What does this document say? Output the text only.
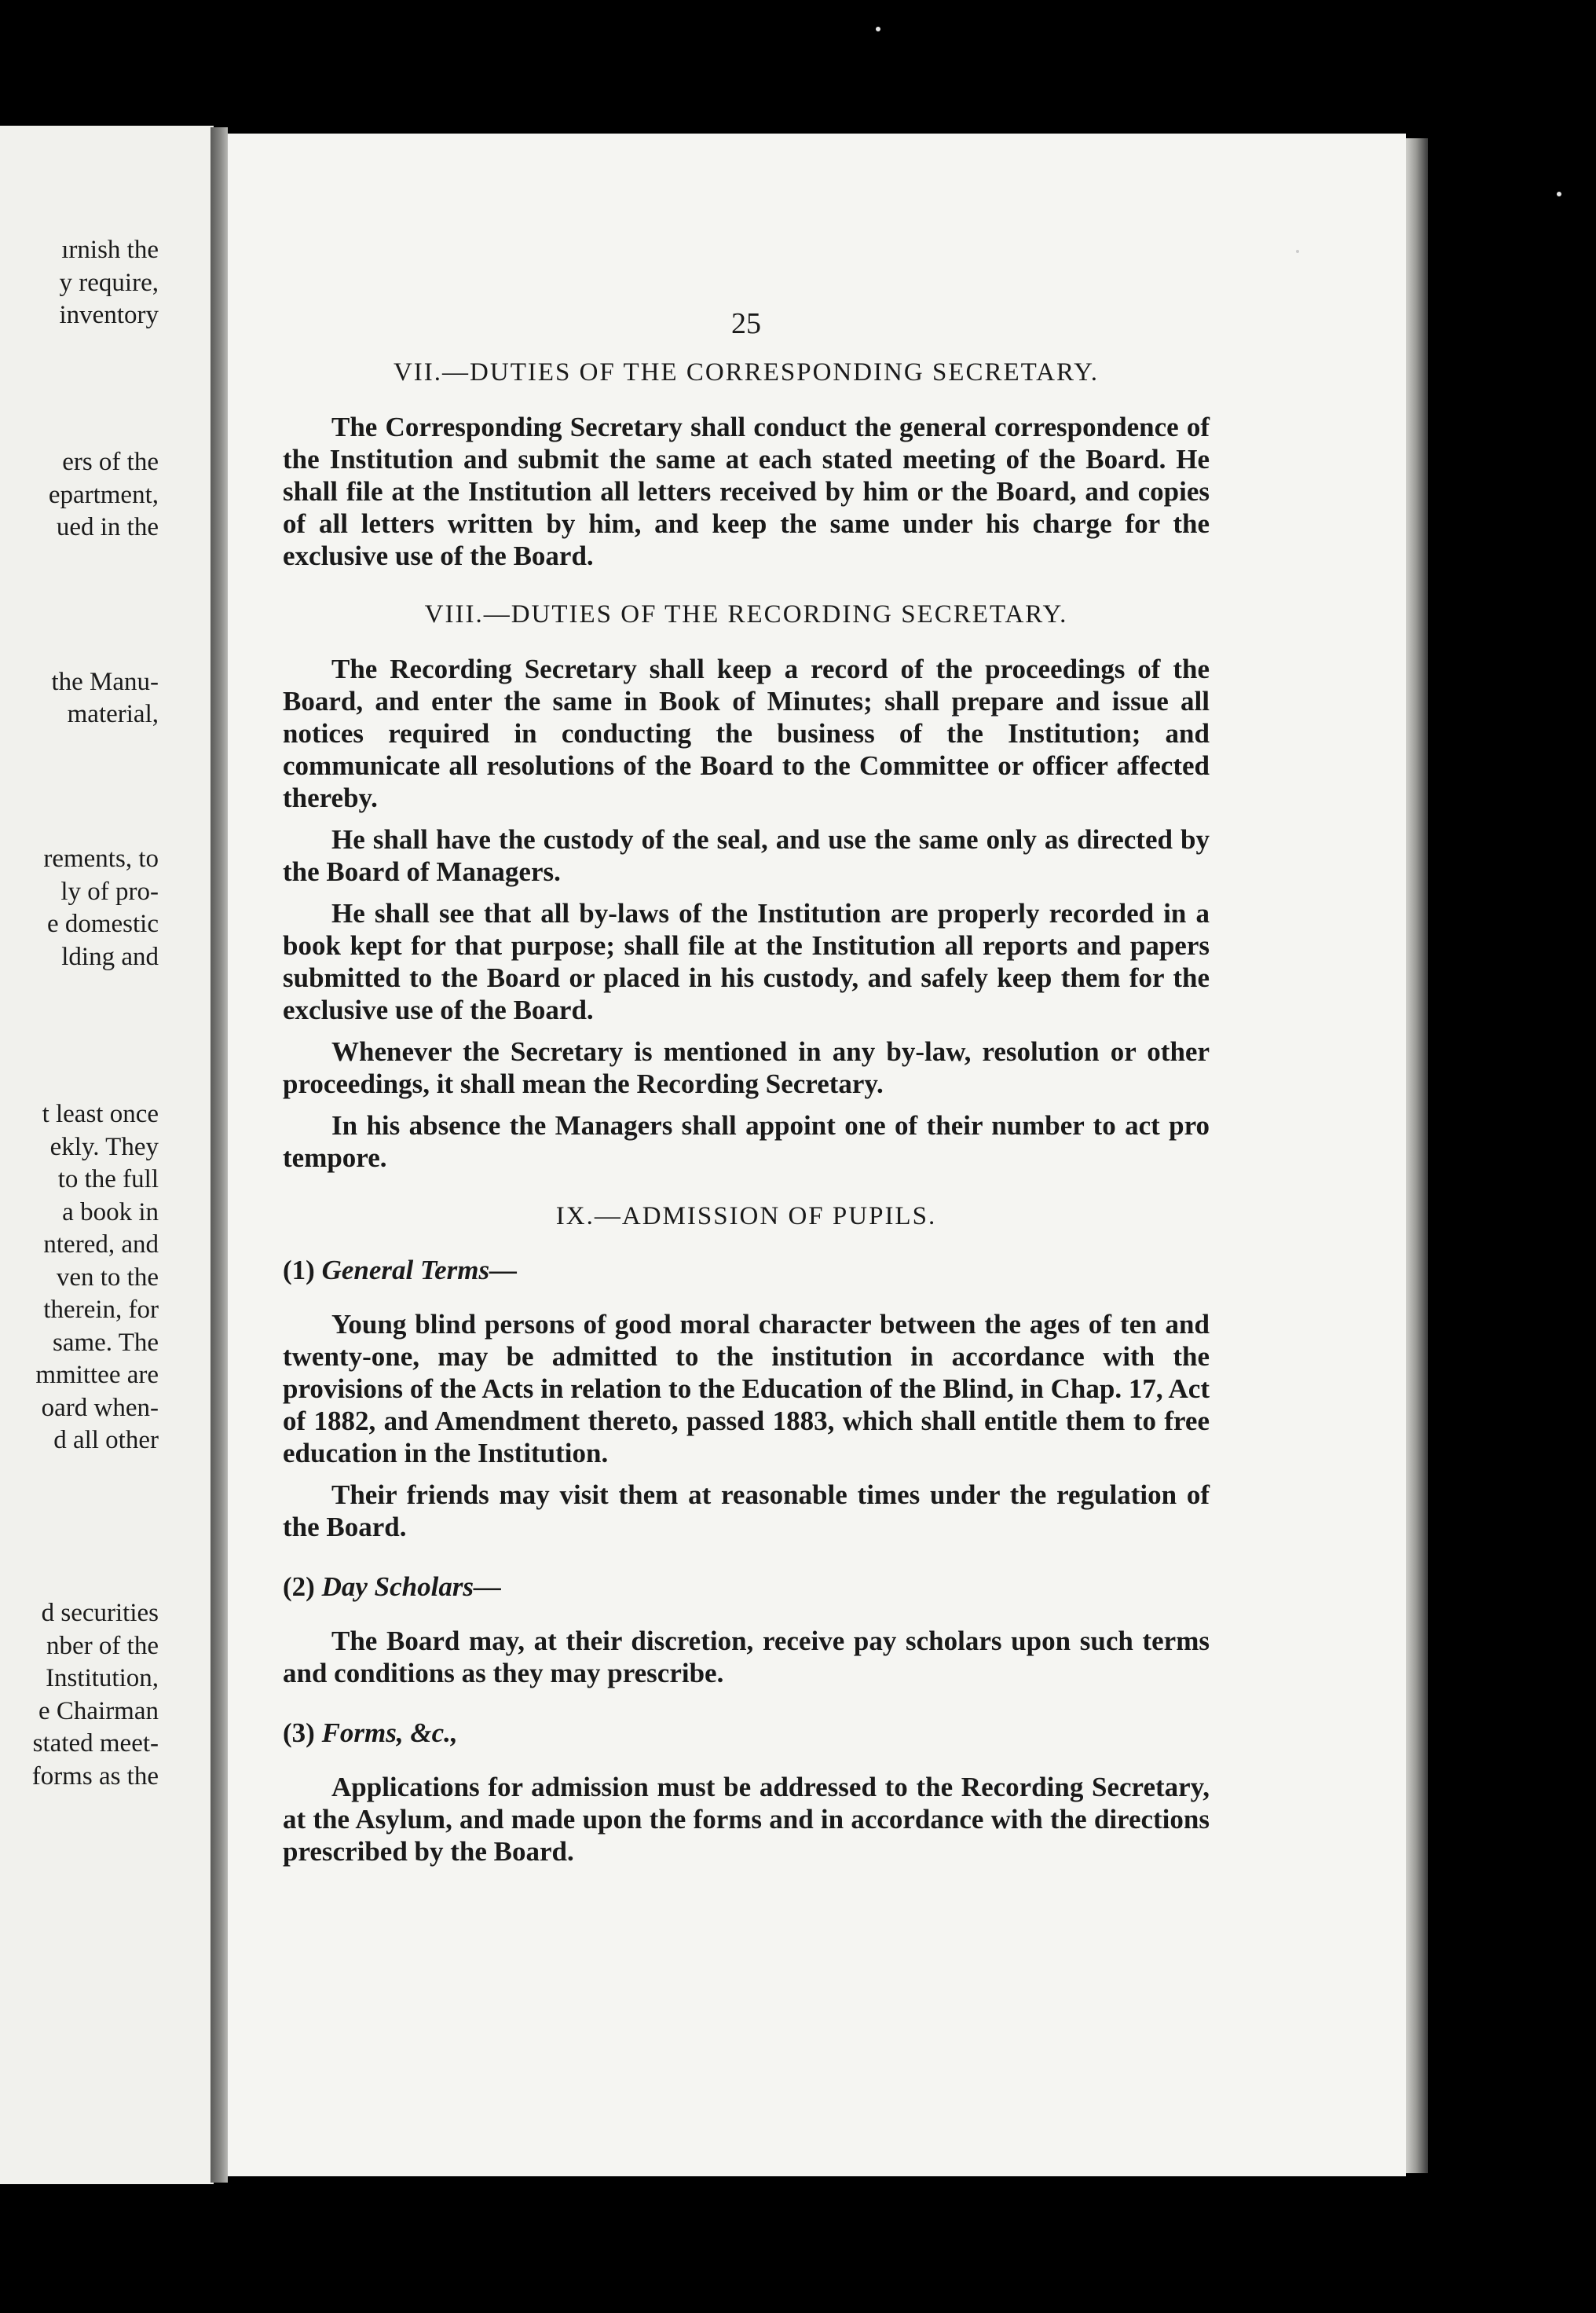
ırnish the
y require,
inventory
ers of the
epartment,
ued in the
the Manu-
material,
rements, to
ly of pro-
e domestic
lding and
t least once
ekly. They
to the full
a book in
ntered, and
ven to the
therein, for
same. The
mmittee are
oard when-
d all other
d securities
nber of the
Institution,
e Chairman
stated meet-
forms as the
25
VII.—DUTIES OF THE CORRESPONDING SECRETARY.

The Corresponding Secretary shall conduct the general correspondence of the Institution and submit the same at each stated meeting of the Board. He shall file at the Institution all letters received by him or the Board, and copies of all letters written by him, and keep the same under his charge for the exclusive use of the Board.

VIII.—DUTIES OF THE RECORDING SECRETARY.

The Recording Secretary shall keep a record of the proceedings of the Board, and enter the same in Book of Minutes; shall prepare and issue all notices required in conducting the business of the Institution; and communicate all resolutions of the Board to the Committee or officer affected thereby.

He shall have the custody of the seal, and use the same only as directed by the Board of Managers.

He shall see that all by-laws of the Institution are properly recorded in a book kept for that purpose; shall file at the Institution all reports and papers submitted to the Board or placed in his custody, and safely keep them for the exclusive use of the Board.

Whenever the Secretary is mentioned in any by-law, resolution or other proceedings, it shall mean the Recording Secretary.

In his absence the Managers shall appoint one of their number to act pro tempore.

IX.—ADMISSION OF PUPILS.
(1) General Terms—

Young blind persons of good moral character between the ages of ten and twenty-one, may be admitted to the institution in accordance with the provisions of the Acts in relation to the Education of the Blind, in Chap. 17, Act of 1882, and Amendment thereto, passed 1883, which shall entitle them to free education in the Institution.

Their friends may visit them at reasonable times under the regulation of the Board.

(2) Day Scholars—

The Board may, at their discretion, receive pay scholars upon such terms and conditions as they may prescribe.

(3) Forms, &c.,

Applications for admission must be addressed to the Recording Secretary, at the Asylum, and made upon the forms and in accordance with the directions prescribed by the Board.
